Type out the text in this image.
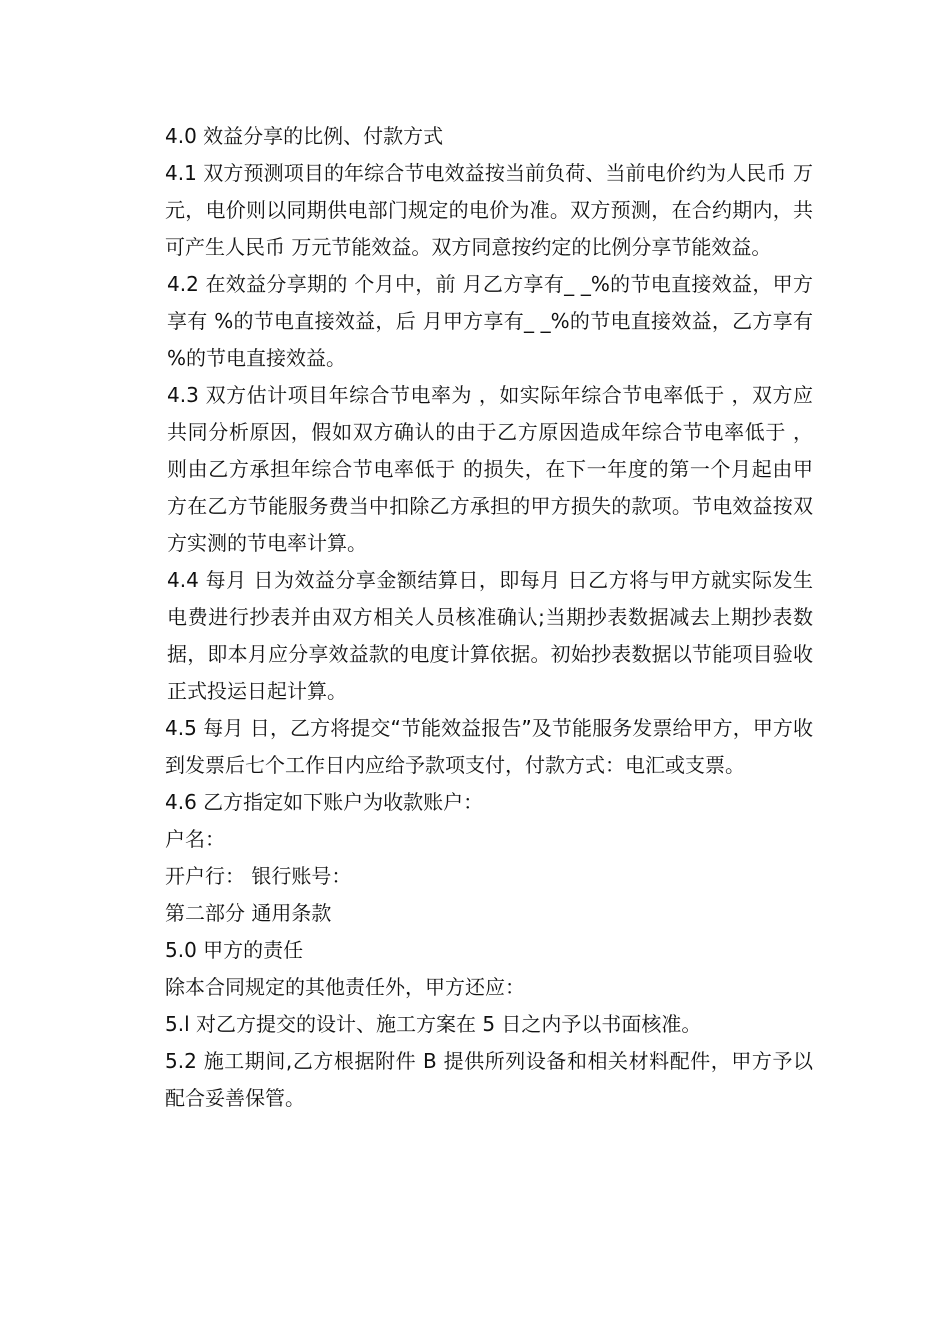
4.0 效益分享的比例、付款方式

4.1 双方预测项目的年综合节电效益按当前负荷、当前电价约为人民币 万元，电价则以同期供电部门规定的电价为准。双方预测，在合约期内，共可产生人民币 万元节能效益。双方同意按约定的比例分享节能效益。

4.2 在效益分享期的 个月中，前 月乙方享有_ _%的节电直接效益，甲方享有 %的节电直接效益，后 月甲方享有_ _%的节电直接效益，乙方享有 %的节电直接效益。

4.3 双方估计项目年综合节电率为 ，如实际年综合节电率低于 ，双方应共同分析原因，假如双方确认的由于乙方原因造成年综合节电率低于 ，则由乙方承担年综合节电率低于 的损失，在下一年度的第一个月起由甲方在乙方节能服务费当中扣除乙方承担的甲方损失的款项。节电效益按双方实测的节电率计算。

4.4 每月 日为效益分享金额结算日，即每月 日乙方将与甲方就实际发生电费进行抄表并由双方相关人员核准确认;当期抄表数据减去上期抄表数据，即本月应分享效益款的电度计算依据。初始抄表数据以节能项目验收正式投运日起计算。

4.5 每月 日，乙方将提交“节能效益报告”及节能服务发票给甲方，甲方收到发票后七个工作日内应给予款项支付，付款方式：电汇或支票。

4.6 乙方指定如下账户为收款账户：

户名：

开户行： 银行账号：

第二部分 通用条款

5.0 甲方的责任

除本合同规定的其他责任外，甲方还应：

5.l 对乙方提交的设计、施工方案在 5 日之内予以书面核准。

5.2 施工期间,乙方根据附件 B 提供所列设备和相关材料配件，甲方予以配合妥善保管。
